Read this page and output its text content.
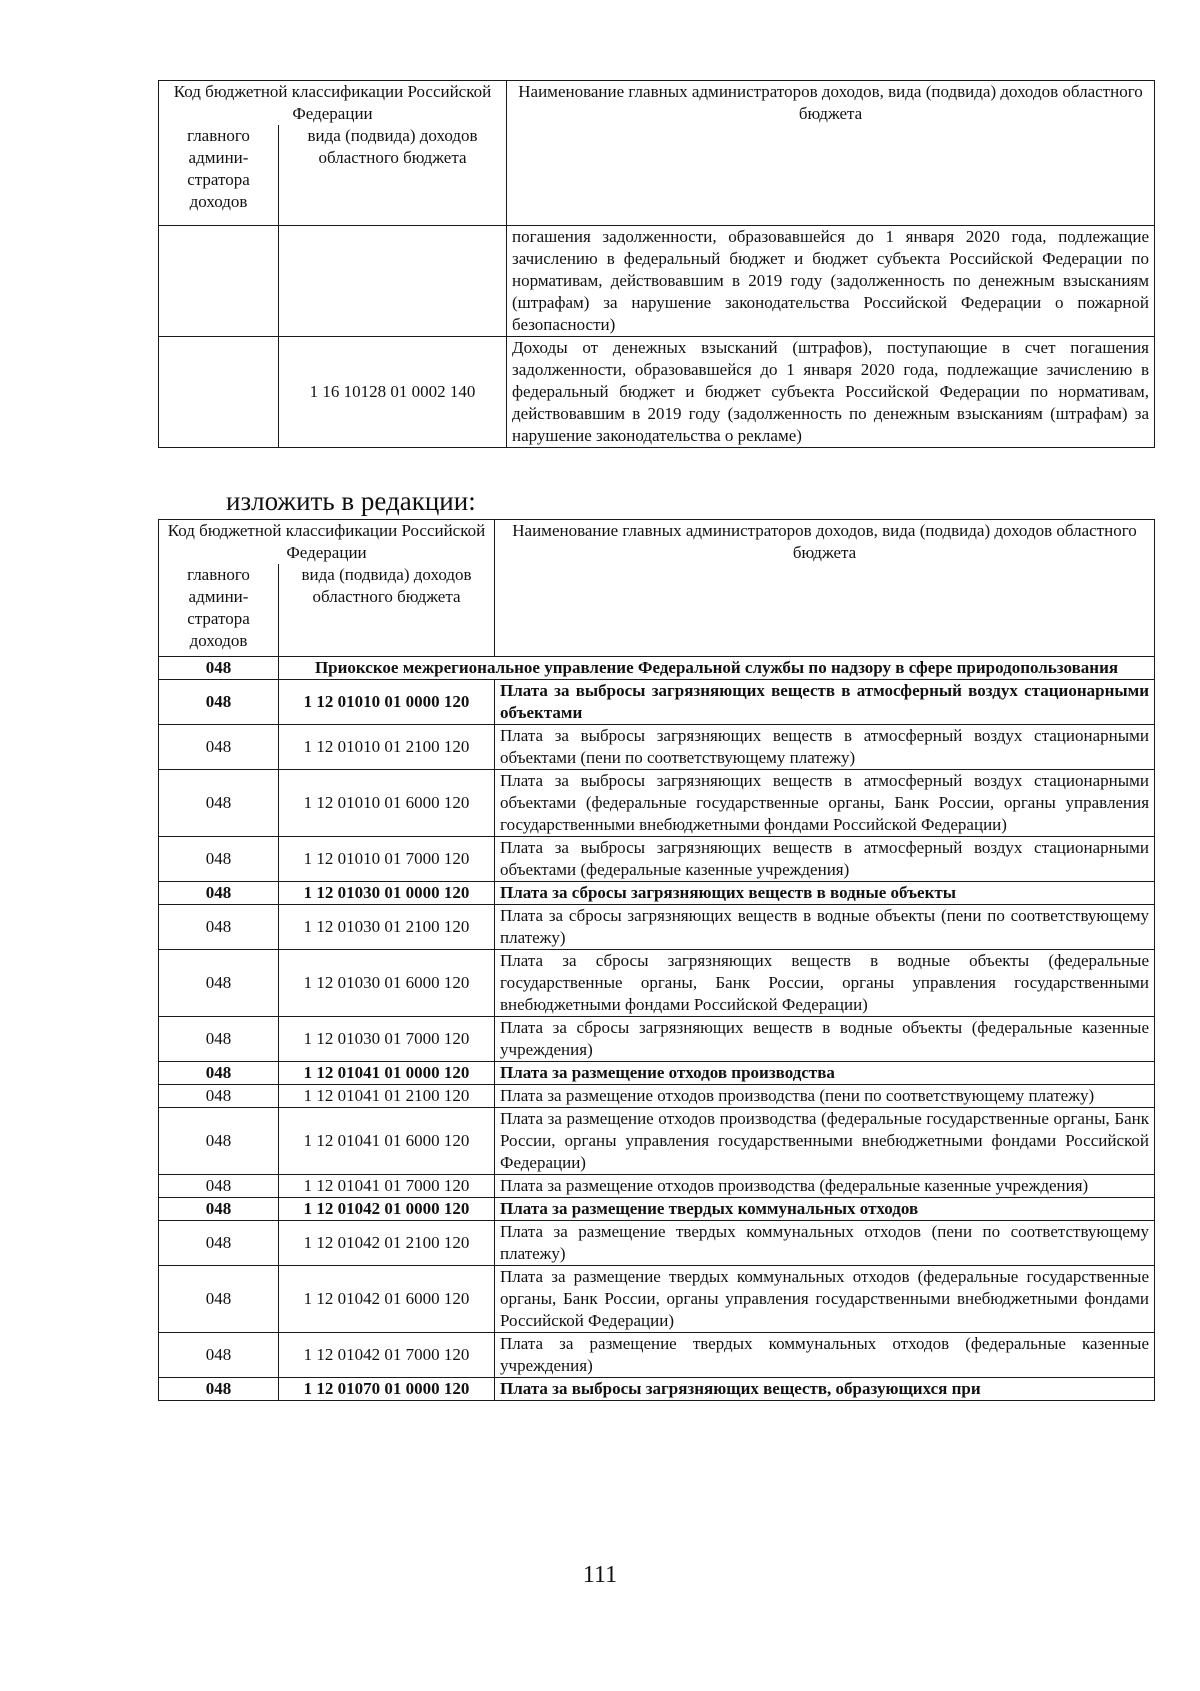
Код бюджетной классификации Российской Федерации		Наименование главных администраторов доходов, вида (подвида) доходов областного бюджета
главного админи-стратора доходов	вида (подвида) доходов областного бюджета	
		погашения задолженности, образовавшейся до 1 января 2020 года, подлежащие зачислению в федеральный бюджет и бюджет субъекта Российской Федерации по нормативам, действовавшим в 2019 году (задолженность по денежным взысканиям (штрафам) за нарушение законодательства Российской Федерации о пожарной безопасности)
	1 16 10128 01 0002 140	Доходы от денежных взысканий (штрафов), поступающие в счет погашения задолженности, образовавшейся до 1 января 2020 года, подлежащие зачислению в федеральный бюджет и бюджет субъекта Российской Федерации по нормативам, действовавшим в 2019 году (задолженность по денежным взысканиям (штрафам) за нарушение законодательства о рекламе)
изложить в редакции:
Код бюджетной классификации Российской Федерации		Наименование главных администраторов доходов, вида (подвида) доходов областного бюджета
главного админи-стратора доходов	вида (подвида) доходов областного бюджета	
048	Приокское межрегиональное управление Федеральной службы по надзору в сфере природопользования	
048	1 12 01010 01 0000 120	Плата за выбросы загрязняющих веществ в атмосферный воздух стационарными объектами
048	1 12 01010 01 2100 120	Плата за выбросы загрязняющих веществ в атмосферный воздух стационарными объектами (пени по соответствующему платежу)
048	1 12 01010 01 6000 120	Плата за выбросы загрязняющих веществ в атмосферный воздух стационарными объектами (федеральные государственные органы, Банк России, органы управления государственными внебюджетными фондами Российской Федерации)
048	1 12 01010 01 7000 120	Плата за выбросы загрязняющих веществ в атмосферный воздух стационарными объектами (федеральные казенные учреждения)
048	1 12 01030 01 0000 120	Плата за сбросы загрязняющих веществ в водные объекты
048	1 12 01030 01 2100 120	Плата за сбросы загрязняющих веществ в водные объекты (пени по соответствующему платежу)
048	1 12 01030 01 6000 120	Плата за сбросы загрязняющих веществ в водные объекты (федеральные государственные органы, Банк России, органы управления государственными внебюджетными фондами Российской Федерации)
048	1 12 01030 01 7000 120	Плата за сбросы загрязняющих веществ в водные объекты (федеральные казенные учреждения)
048	1 12 01041 01 0000 120	Плата за размещение отходов производства
048	1 12 01041 01 2100 120	Плата за размещение отходов производства (пени по соответствующему платежу)
048	1 12 01041 01 6000 120	Плата за размещение отходов производства (федеральные государственные органы, Банк России, органы управления государственными внебюджетными фондами Российской Федерации)
048	1 12 01041 01 7000 120	Плата за размещение отходов производства (федеральные казенные учреждения)
048	1 12 01042 01 0000 120	Плата за размещение твердых коммунальных отходов
048	1 12 01042 01 2100 120	Плата за размещение твердых коммунальных отходов (пени по соответствующему платежу)
048	1 12 01042 01 6000 120	Плата за размещение твердых коммунальных отходов (федеральные государственные органы, Банк России, органы управления государственными внебюджетными фондами Российской Федерации)
048	1 12 01042 01 7000 120	Плата за размещение твердых коммунальных отходов (федеральные казенные учреждения)
048	1 12 01070 01 0000 120	Плата за выбросы загрязняющих веществ, образующихся при
111
